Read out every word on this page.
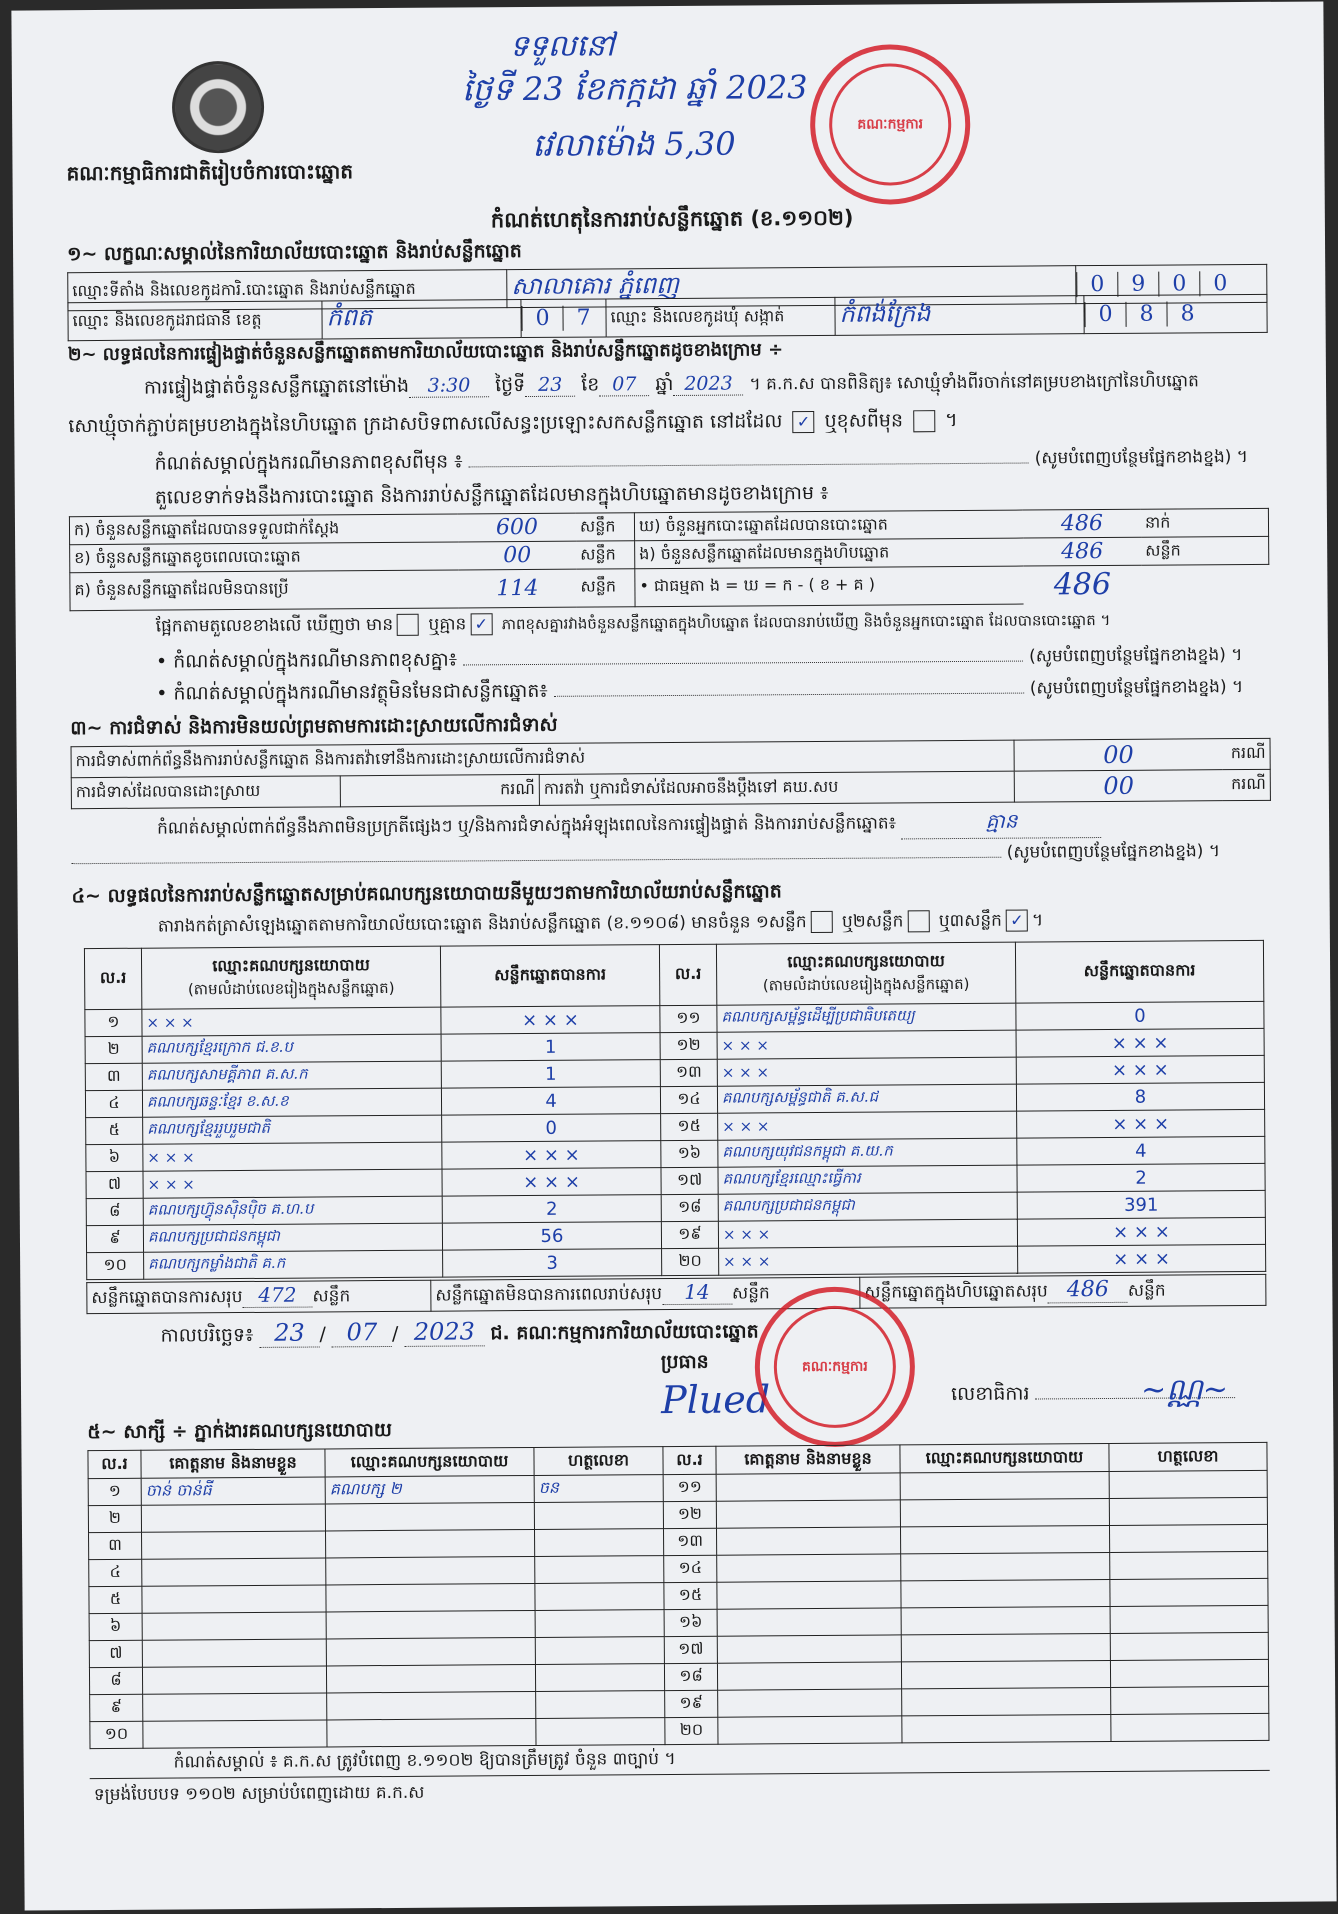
គណៈកម្មាធិការជាតិរៀបចំការបោះឆ្នោត
ទទួលនៅ
ថ្ងៃទី 23 ខែកក្កដា ឆ្នាំ 2023
វេលាម៉ោង 5,30
គណៈកម្មការ
កំណត់ហេតុនៃការរាប់សន្លឹកឆ្នោត (ខ.១១០២)
១~ លក្ខណៈសម្គាល់នៃការិយាល័យបោះឆ្នោត និងរាប់សន្លឹកឆ្នោត
ឈ្មោះទីតាំង និងលេខកូដការិ.បោះឆ្នោត និងរាប់សន្លឹកឆ្នោត	សាលាគោរ ភ្នំពេញ	0 9 0 0
ឈ្មោះ និងលេខកូដរាជធានី ខេត្ត	កំពត	0 7	ឈ្មោះ និងលេខកូដឃុំ សង្កាត់	កំពង់ក្រែង	0 8 8
២~ លទ្ធផលនៃការផ្ទៀងផ្ទាត់ចំនួនសន្លឹកឆ្នោតតាមការិយាល័យបោះឆ្នោត និងរាប់សន្លឹកឆ្នោតដូចខាងក្រោម ÷
ការផ្ទៀងផ្ទាត់ចំនួនសន្លឹកឆ្នោតនៅម៉ោង 3:30 ថ្ងៃទី 23 ខែ 07 ឆ្នាំ 2023 ។ គ.ក.ស បានពិនិត្យ៖ សោឃ្មុំទាំងពីរចាក់នៅគម្របខាងក្រៅនៃហិបឆ្នោត
សោឃ្មុំចាក់ភ្ជាប់គម្របខាងក្នុងនៃហិបឆ្នោត ក្រដាសបិទពាសលើសន្ធះប្រឡោះសកសន្លឹកឆ្នោត នៅដដែល ✓ ឬខុសពីមុន  ។
កំណត់សម្គាល់ក្នុងករណីមានភាពខុសពីមុន ៖	(សូមបំពេញបន្ថែមផ្នែកខាងខ្នង) ។
តួលេខទាក់ទងនឹងការបោះឆ្នោត និងការរាប់សន្លឹកឆ្នោតដែលមានក្នុងហិបឆ្នោតមានដូចខាងក្រោម ៖
ក) ចំនួនសន្លឹកឆ្នោតដែលបានទទួលជាក់ស្តែង	600	សន្លឹក	ឃ) ចំនួនអ្នកបោះឆ្នោតដែលបានបោះឆ្នោត	486	នាក់
ខ) ចំនួនសន្លឹកឆ្នោតខូចពេលបោះឆ្នោត	00	សន្លឹក	ង) ចំនួនសន្លឹកឆ្នោតដែលមានក្នុងហិបឆ្នោត	486	សន្លឹក
គ) ចំនួនសន្លឹកឆ្នោតដែលមិនបានប្រើ	114	សន្លឹក	• ជាធម្មតា ង = ឃ = ក - ( ខ + គ )	486	
ផ្អែកតាមតួលេខខាងលើ ឃើញថា មាន ឬគ្មាន ✓ ភាពខុសគ្នារវាងចំនួនសន្លឹកឆ្នោតក្នុងហិបឆ្នោត ដែលបានរាប់ឃើញ និងចំនួនអ្នកបោះឆ្នោត ដែលបានបោះឆ្នោត ។
• កំណត់សម្គាល់ក្នុងករណីមានភាពខុសគ្នា៖	(សូមបំពេញបន្ថែមផ្នែកខាងខ្នង) ។
• កំណត់សម្គាល់ក្នុងករណីមានវត្ថុមិនមែនជាសន្លឹកឆ្នោត៖	(សូមបំពេញបន្ថែមផ្នែកខាងខ្នង) ។
៣~ ការជំទាស់ និងការមិនយល់ព្រមតាមការដោះស្រាយលើការជំទាស់
ការជំទាស់ពាក់ព័ន្ធនឹងការរាប់សន្លឹកឆ្នោត និងការតវ៉ាទៅនឹងការដោះស្រាយលើការជំទាស់			00	ករណី
ការជំទាស់ដែលបានដោះស្រាយ	ករណី	ការតវ៉ា ឬការជំទាស់ដែលអាចនឹងប្តឹងទៅ គឃ.សប	00	ករណី
កំណត់សម្គាល់ពាក់ព័ន្ធនឹងភាពមិនប្រក្រតីផ្សេងៗ ឬ/និងការជំទាស់ក្នុងអំឡុងពេលនៃការផ្ទៀងផ្ទាត់ និងការរាប់សន្លឹកឆ្នោត៖	គ្មាន
(សូមបំពេញបន្ថែមផ្នែកខាងខ្នង) ។
៤~ លទ្ធផលនៃការរាប់សន្លឹកឆ្នោតសម្រាប់គណបក្សនយោបាយនីមួយៗតាមការិយាល័យរាប់សន្លឹកឆ្នោត
តារាងកត់ត្រាសំឡេងឆ្នោតតាមការិយាល័យបោះឆ្នោត និងរាប់សន្លឹកឆ្នោត (ខ.១១០៨) មានចំនួន ១សន្លឹក ឬ២សន្លឹក ឬ៣សន្លឹក ✓ ។
ល.រ	ឈ្មោះគណបក្សនយោបាយ
(តាមលំដាប់លេខរៀងក្នុងសន្លឹកឆ្នោត)	សន្លឹកឆ្នោតបានការ	ល.រ	ឈ្មោះគណបក្សនយោបាយ
(តាមលំដាប់លេខរៀងក្នុងសន្លឹកឆ្នោត)	សន្លឹកឆ្នោតបានការ
១	× × ×	× × ×	១១	គណបក្សសម្ព័ន្ធដើម្បីប្រជាធិបតេយ្យ	0
២	គណបក្សខ្មែរក្រោក ជ.ខ.ប	1	១២	× × ×	× × ×
៣	គណបក្សសាមគ្គីភាព គ.ស.ក	1	១៣	× × ×	× × ×
៤	គណបក្សឆន្ទៈខ្មែរ ខ.ស.ខ	4	១៤	គណបក្សសម្ព័ន្ធជាតិ គ.ស.ជ	8
៥	គណបក្សខ្មែររួបរួមជាតិ	0	១៥	× × ×	× × ×
៦	× × ×	× × ×	១៦	គណបក្សយុវជនកម្ពុជា គ.យ.ក	4
៧	× × ×	× × ×	១៧	គណបក្សខ្មែរឈ្មោះធ្វើការ	2
៨	គណបក្សហ៊្វុនស៊ិនប៉ិច គ.ហ.ប	2	១៨	គណបក្សប្រជាជនកម្ពុជា	391
៩	គណបក្សប្រជាជនកម្ពុជា	56	១៩	× × ×	× × ×
១០	គណបក្សកម្លាំងជាតិ គ.ក	3	២០	× × ×	× × ×
សន្លឹកឆ្នោតបានការសរុប 472 សន្លឹក	សន្លឹកឆ្នោតមិនបានការពេលរាប់សរុប 14 សន្លឹក	សន្លឹកឆ្នោតក្នុងហិបឆ្នោតសរុប 486 សន្លឹក
កាលបរិច្ឆេទ៖ 23 / 07 / 2023 ជ. គណៈកម្មការការិយាល័យបោះឆ្នោត
ប្រធាន
Plued	លេខាធិការ	~ណ្ណ~
គណៈកម្មការ
៥~ សាក្សី ÷ ភ្នាក់ងារគណបក្សនយោបាយ
ល.រ	គោត្តនាម និងនាមខ្លួន	ឈ្មោះគណបក្សនយោបាយ	ហត្ថលេខា	ល.រ	គោត្តនាម និងនាមខ្លួន	ឈ្មោះគណបក្សនយោបាយ	ហត្ថលេខា
១	ចាន់ ចាន់ធី	គណបក្ស ២	ចន	១១			
២				១២			
៣				១៣			
៤				១៤			
៥				១៥			
៦				១៦			
៧				១៧			
៨				១៨			
៩				១៩			
១០				២០			
កំណត់សម្គាល់ ៖ គ.ក.ស ត្រូវបំពេញ ខ.១១០២ ឱ្យបានត្រឹមត្រូវ ចំនួន ៣ច្បាប់ ។
ទម្រង់បែបបទ ១១០២ សម្រាប់បំពេញដោយ គ.ក.ស
